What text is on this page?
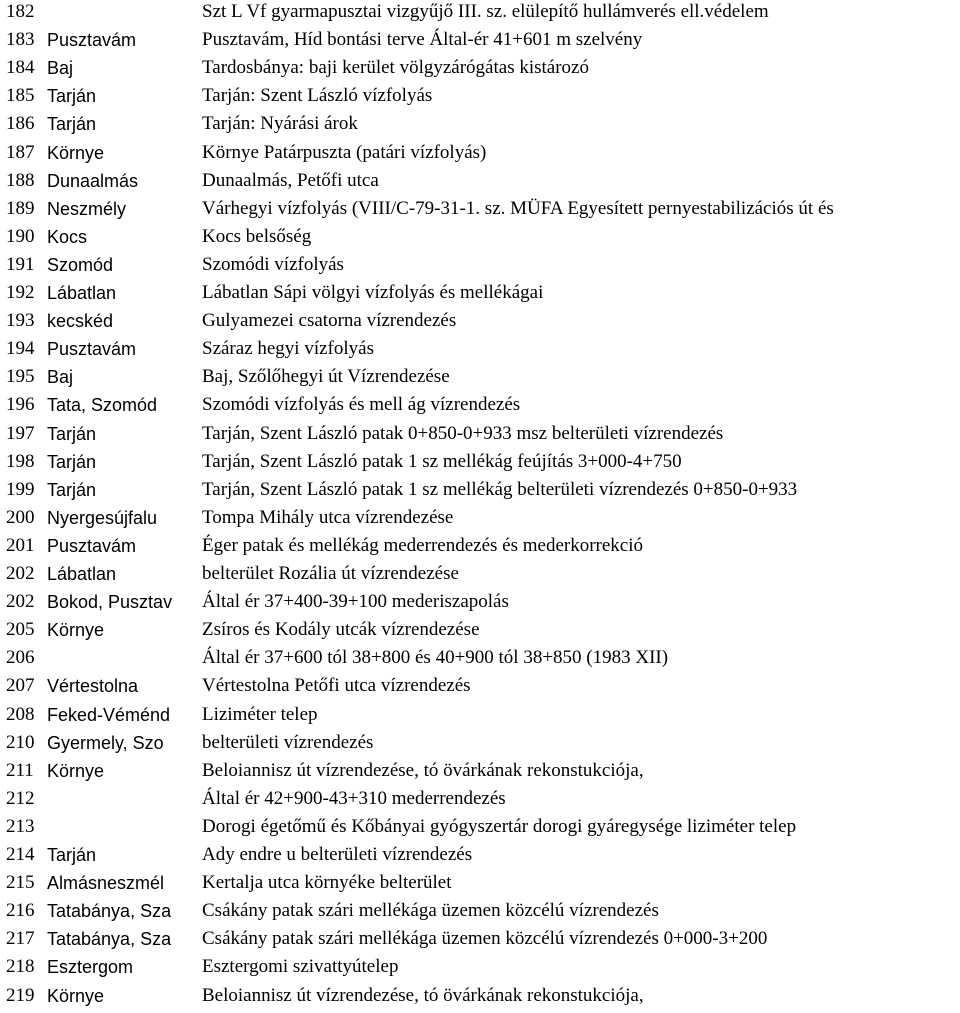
182	Szt L Vf gyarmapusztai vizgyűjő III. sz. elülepítő hullámverés ell.védelem
183 Pusztavám	Pusztavám, Híd bontási terve Által-ér 41+601 m szelvény
184 Baj	Tardosbánya: baji kerület völgyzárógátas kistározó
185 Tarján	Tarján: Szent László vízfolyás
186 Tarján	Tarján: Nyárási árok
187 Környe	Környe Patárpuszta (patári vízfolyás)
188 Dunaalmás	Dunaalmás, Petőfi utca
189 Neszmély	Várhegyi vízfolyás (VIII/C-79-31-1. sz. MÜFA Egyesített pernyestabilizációs út és
190 Kocs	Kocs belsőség
191 Szomód	Szomódi vízfolyás
192 Lábatlan	Lábatlan Sápi völgyi vízfolyás és mellékágai
193 kecskéd	Gulyamezei csatorna vízrendezés
194 Pusztavám	Száraz hegyi vízfolyás
195 Baj	Baj, Szőlőhegyi út Vízrendezése
196 Tata, Szomód	Szomódi vízfolyás és mell ág vízrendezés
197 Tarján	Tarján, Szent László patak 0+850-0+933 msz belterületi vízrendezés
198 Tarján	Tarján, Szent László patak 1 sz mellékág feújítás 3+000-4+750
199 Tarján	Tarján, Szent László patak 1 sz mellékág belterületi vízrendezés 0+850-0+933
200 Nyergesújfalu	Tompa Mihály utca vízrendezése
201 Pusztavám	Éger patak és mellékág mederrendezés és mederkorrekció
202 Lábatlan	belterület Rozália út vízrendezése
202 Bokod, Pusztav	Által ér 37+400-39+100 mederiszapolás
205 Környe	Zsíros és Kodály utcák vízrendezése
206	Által ér 37+600 tól 38+800 és 40+900 tól 38+850 (1983 XII)
207 Vértestolna	Vértestolna Petőfi utca vízrendezés
208 Feked-Véménd	Liziméter telep
210 Gyermely, Szo	belterületi vízrendezés
211 Környe	Beloiannisz út vízrendezése, tó övárkának rekonstukciója,
212	Által ér 42+900-43+310 mederrendezés
213	Dorogi égetőmű és Kőbányai gyógyszertár dorogi gyáregysége liziméter telep
214 Tarján	Ady endre u belterületi vízrendezés
215 Almásneszmél	Kertalja utca környéke belterület
216 Tatabánya, Sza	Csákány patak szári mellékága üzemen közcélú vízrendezés
217 Tatabánya, Sza	Csákány patak szári mellékága üzemen közcélú vízrendezés 0+000-3+200
218 Esztergom	Esztergomi szivattyútelep
219 Környe	Beloiannisz út vízrendezése, tó övárkának rekonstukciója,
